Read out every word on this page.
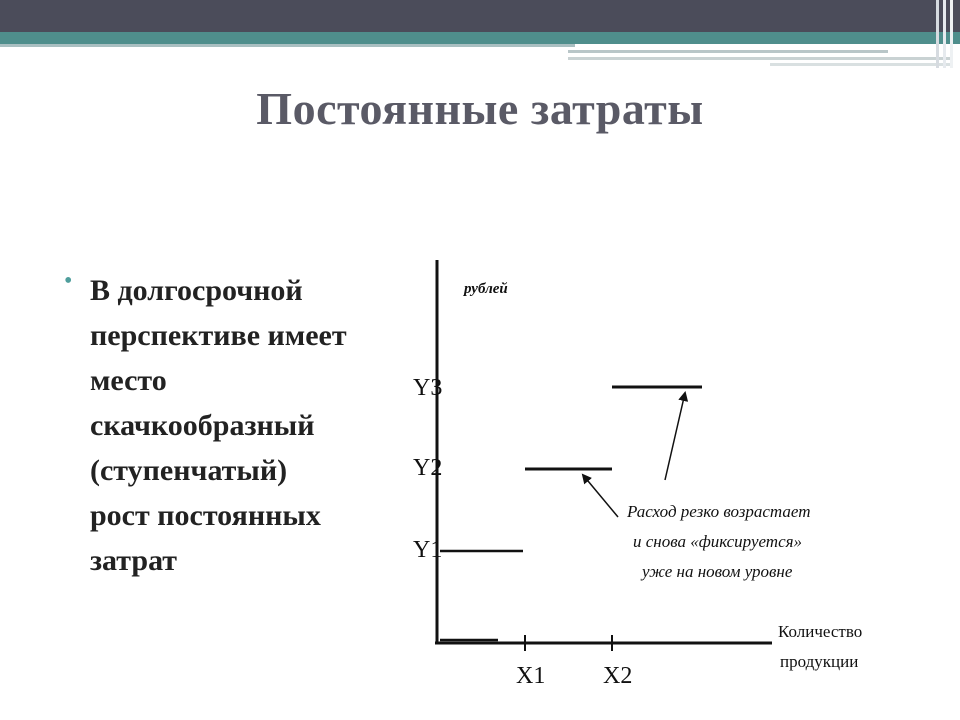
Постоянные затраты
• В долгосрочной
перспективе имеет
место
скачкообразный
(ступенчатый)
рост постоянных
затрат
рублей
Y3
Y2
Y1
X1 X2
Количество
продукции
Расход резко возрастает
и снова «фиксируется»
уже на новом уровне
